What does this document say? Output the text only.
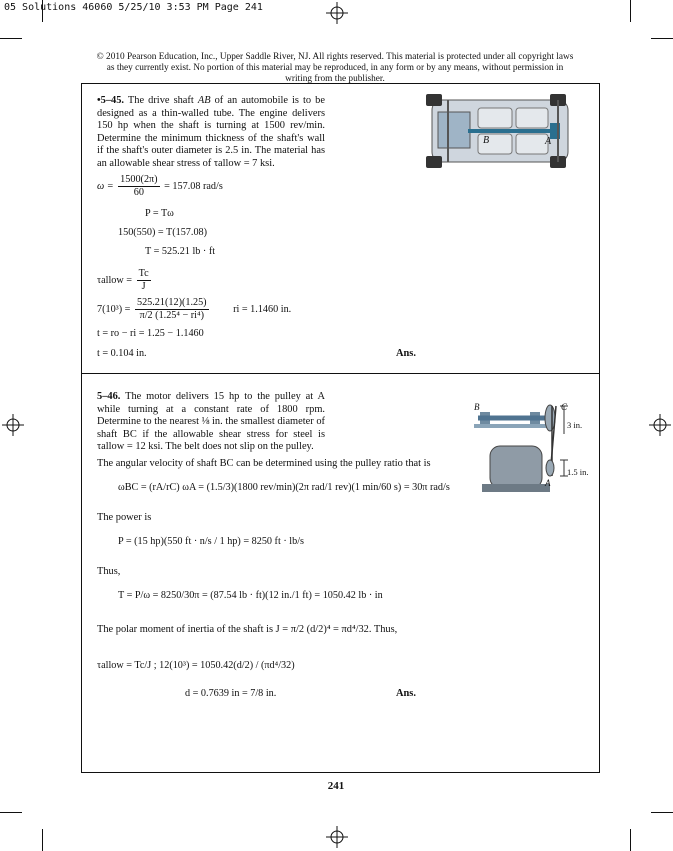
05 Solutions 46060 5/25/10 3:53 PM Page 241
© 2010 Pearson Education, Inc., Upper Saddle River, NJ. All rights reserved. This material is protected under all copyright laws as they currently exist. No portion of this material may be reproduced, in any form or by any means, without permission in writing from the publisher.
•5–45. The drive shaft AB of an automobile is to be designed as a thin-walled tube. The engine delivers 150 hp when the shaft is turning at 1500 rev/min. Determine the minimum thickness of the shaft's wall if the shaft's outer diameter is 2.5 in. The material has an allowable shear stress of τallow = 7 ksi.
B	A
$\omega = \frac{1500(2\pi)}{60} = 157.08$ rad/s
P = Tω
150(550) = T(157.08)
T = 525.21 lb · ft
τallow = $\frac{Tc}{J}$
$7(10^3) = \frac{525.21(12)(1.25)}{\text{π/2 (1.25⁴ − ri⁴)}}$ ri = 1.1460 in.
t = ro − ri = 1.25 − 1.1460
t = 0.104 in.	Ans.
5–46. The motor delivers 15 hp to the pulley at A while turning at a constant rate of 1800 rpm. Determine to the nearest ⅛ in. the smallest diameter of shaft BC if the allowable shear stress for steel is τallow = 12 ksi. The belt does not slip on the pulley.
B	C
3 in.
1.5 in.
A
The angular velocity of shaft BC can be determined using the pulley ratio that is
ωBC = (rA/rC) ωA = (1.5/3)(1800 rev/min)(2π rad/1 rev)(1 min/60 s) = 30π rad/s
The power is
P = (15 hp)(550 ft · n/s / 1 hp) = 8250 ft · lb/s
Thus,
T = P/ω = 8250/30π = (87.54 lb · ft)(12 in./1 ft) = 1050.42 lb · in
The polar moment of inertia of the shaft is J = π/2 (d/2)⁴ = πd⁴/32. Thus,
τallow = Tc/J ; 12(10³) = 1050.42(d/2) / (πd⁴/32)
d = 0.7639 in = 7/8 in.	Ans.
241
